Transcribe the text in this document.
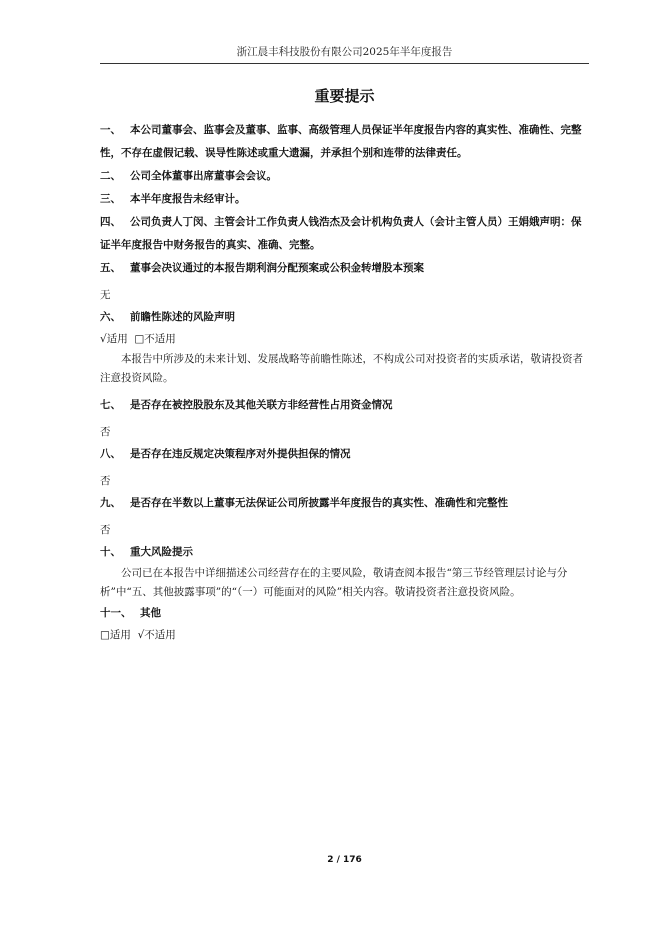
浙江晨丰科技股份有限公司2025年半年度报告
重要提示

一、 本公司董事会、监事会及董事、监事、高级管理人员保证半年度报告内容的真实性、准确性、完整性，不存在虚假记载、误导性陈述或重大遗漏，并承担个别和连带的法律责任。

二、 公司全体董事出席董事会会议。

三、 本半年度报告未经审计。

四、 公司负责人丁闵、主管会计工作负责人钱浩杰及会计机构负责人（会计主管人员）王娟娥声明：保证半年度报告中财务报告的真实、准确、完整。

五、 董事会决议通过的本报告期利润分配预案或公积金转增股本预案

无

六、 前瞻性陈述的风险声明

√适用  □不适用

本报告中所涉及的未来计划、发展战略等前瞻性陈述，不构成公司对投资者的实质承诺，敬请投资者注意投资风险。

七、 是否存在被控股股东及其他关联方非经营性占用资金情况

否

八、 是否存在违反规定决策程序对外提供担保的情况

否

九、 是否存在半数以上董事无法保证公司所披露半年度报告的真实性、准确性和完整性

否

十、 重大风险提示

公司已在本报告中详细描述公司经营存在的主要风险，敬请查阅本报告“第三节经管理层讨论与分析”中“五、其他披露事项”的“（一）可能面对的风险”相关内容。敬请投资者注意投资风险。

十一、 其他

□适用  √不适用

2 / 176
